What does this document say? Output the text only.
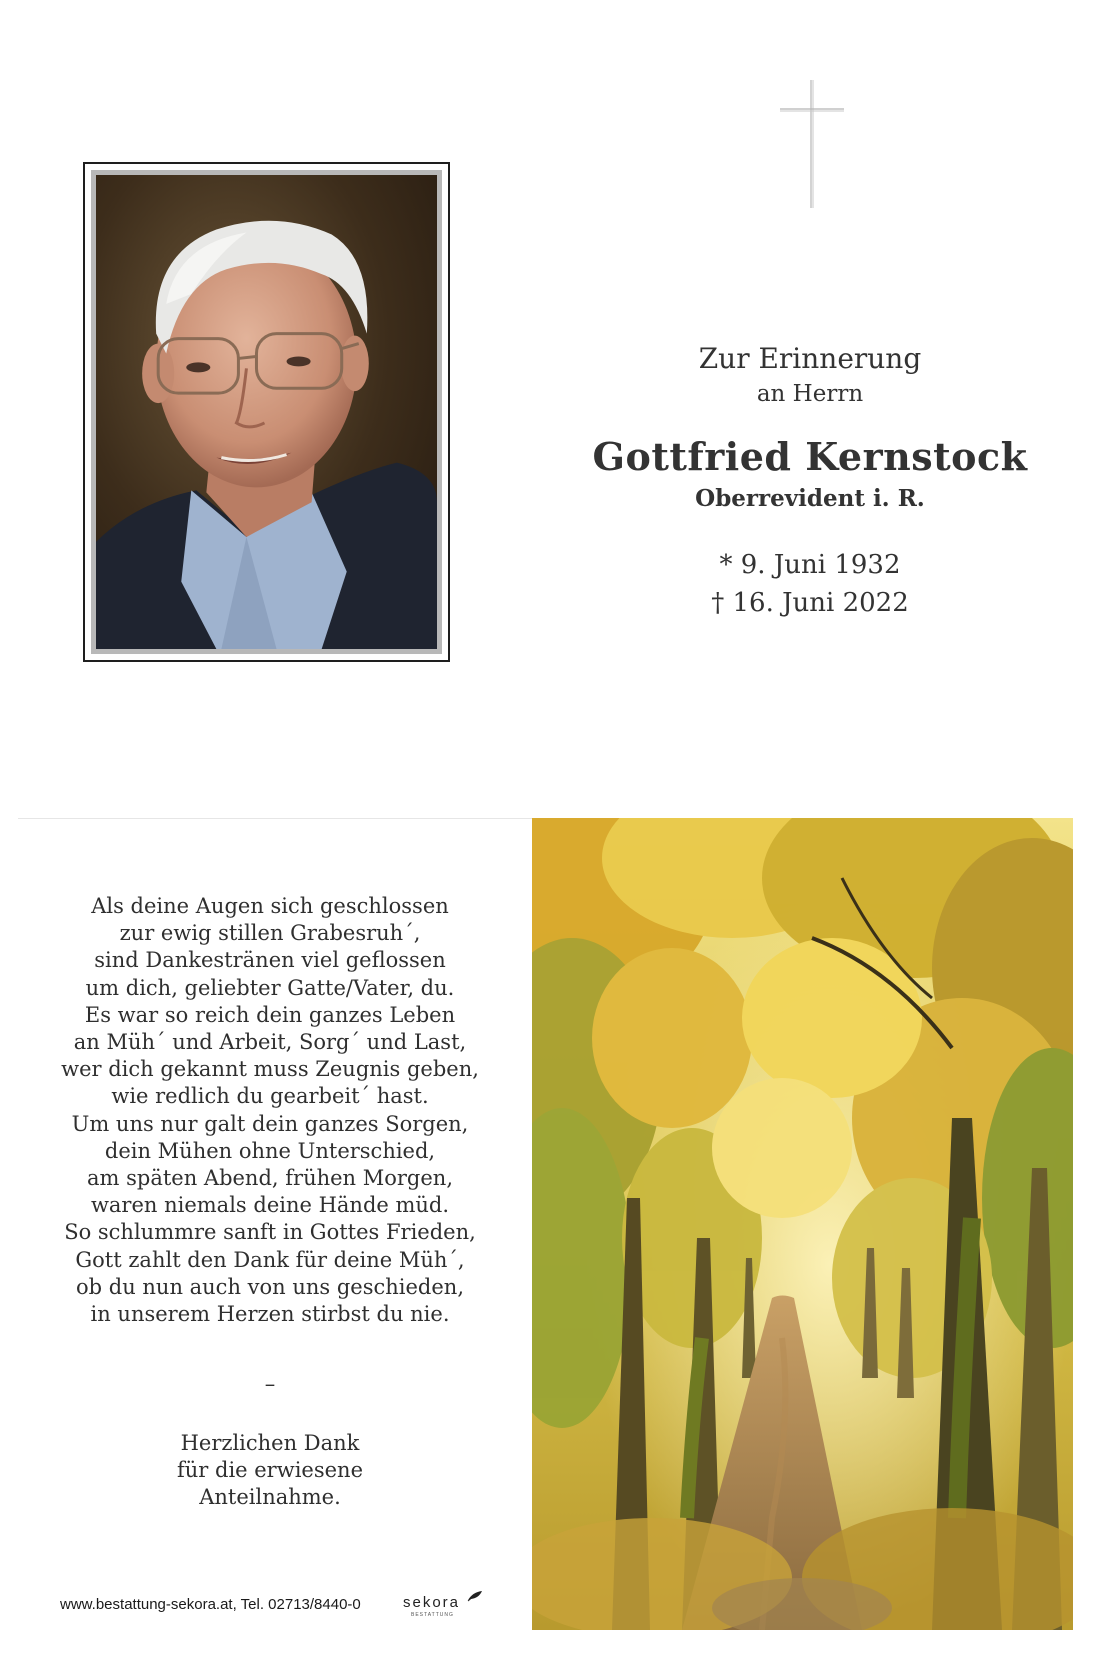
Zur Erinnerung
an Herrn
Gottfried Kernstock
Oberrevident i. R.
* 9. Juni 1932
† 16. Juni 2022
Als deine Augen sich geschlossen
zur ewig stillen Grabesruh´,
sind Dankestränen viel geflossen
um dich, geliebter Gatte/Vater, du.
Es war so reich dein ganzes Leben
an Müh´ und Arbeit, Sorg´ und Last,
wer dich gekannt muss Zeugnis geben,
wie redlich du gearbeit´ hast.
Um uns nur galt dein ganzes Sorgen,
dein Mühen ohne Unterschied,
am späten Abend, frühen Morgen,
waren niemals deine Hände müd.
So schlummre sanft in Gottes Frieden,
Gott zahlt den Dank für deine Müh´,
ob du nun auch von uns geschieden,
in unserem Herzen stirbst du nie.
–
Herzlichen Dank
für die erwiesene
Anteilnahme.
www.bestattung-sekora.at, Tel. 02713/8440-0	sekora
BESTATTUNG
